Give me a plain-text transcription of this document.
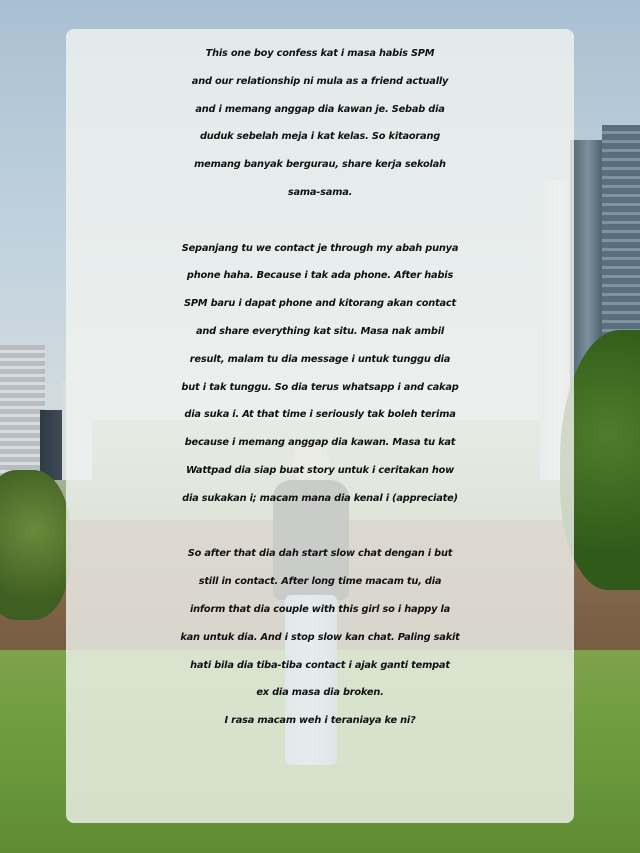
This one boy confess kat i masa habis SPM
and our relationship ni mula as a friend actually
and i memang anggap dia kawan je. Sebab dia
duduk sebelah meja i kat kelas. So kitaorang
memang banyak bergurau, share kerja sekolah
sama-sama.

Sepanjang tu we contact je through my abah punya
phone haha. Because i tak ada phone. After habis
SPM baru i dapat phone and kitorang akan contact
and share everything kat situ. Masa nak ambil
result, malam tu dia message i untuk tunggu dia
but i tak tunggu. So dia terus whatsapp i and cakap
dia suka i. At that time i seriously tak boleh terima
because i memang anggap dia kawan. Masa tu kat
Wattpad dia siap buat story untuk i ceritakan how
dia sukakan i; macam mana dia kenal i (appreciate)

So after that dia dah start slow chat dengan i but
still in contact. After long time macam tu, dia
inform that dia couple with this girl so i happy la
kan untuk dia. And i stop slow kan chat. Paling sakit
hati bila dia tiba-tiba contact i ajak ganti tempat
ex dia masa dia broken.
I rasa macam weh i teraniaya ke ni?
